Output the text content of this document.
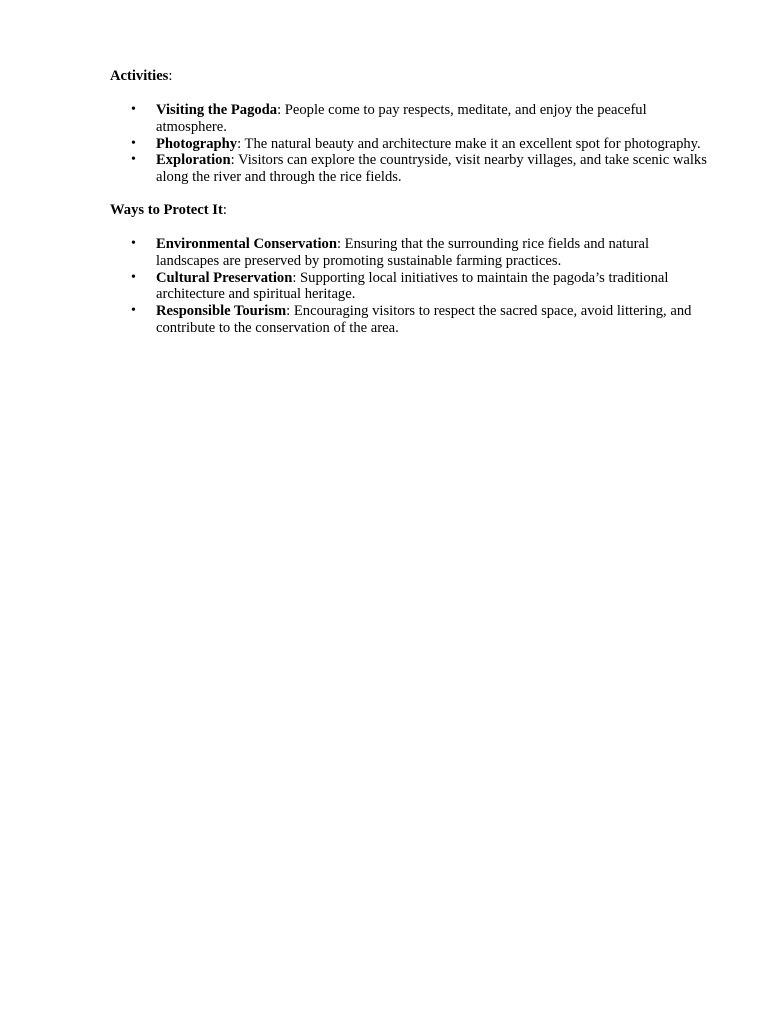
Activities:

• Visiting the Pagoda: People come to pay respects, meditate, and enjoy the peaceful atmosphere.
• Photography: The natural beauty and architecture make it an excellent spot for photography.
• Exploration: Visitors can explore the countryside, visit nearby villages, and take scenic walks along the river and through the rice fields.

Ways to Protect It:

• Environmental Conservation: Ensuring that the surrounding rice fields and natural landscapes are preserved by promoting sustainable farming practices.
• Cultural Preservation: Supporting local initiatives to maintain the pagoda’s traditional architecture and spiritual heritage.
• Responsible Tourism: Encouraging visitors to respect the sacred space, avoid littering, and contribute to the conservation of the area.
